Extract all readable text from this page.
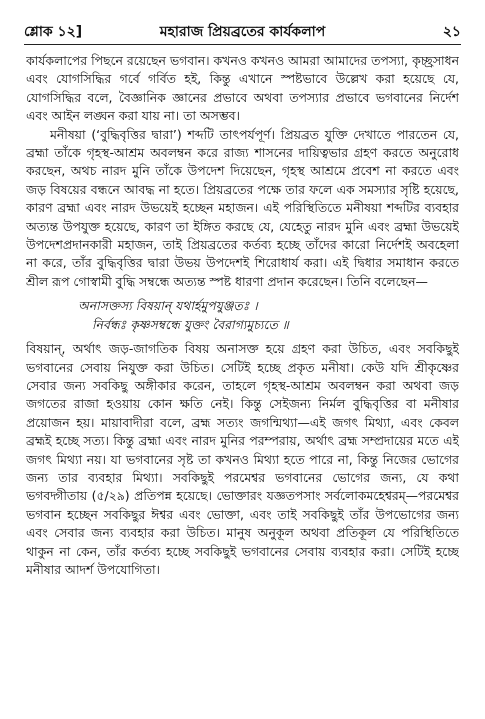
শ্লোক ১২]	মহারাজ প্রিয়ব্রতের কার্যকলাপ	২১

কার্যকলাপের পিছনে রয়েছেন ভগবান। কখনও কখনও আমরা আমাদের তপস্যা, কৃচ্ছ্রসাধন এবং যোগসিদ্ধির গর্বে গর্বিত হই, কিন্তু এখানে স্পষ্টভাবে উল্লেখ করা হয়েছে যে, যোগসিদ্ধির বলে, বৈজ্ঞানিক জ্ঞানের প্রভাবে অথবা তপস্যার প্রভাবে ভগবানের নির্দেশ এবং আইন লঙ্ঘন করা যায় না। তা অসম্ভব।

মনীষয়া (‘বুদ্ধিবৃত্তির দ্বারা’) শব্দটি তাৎপর্যপূর্ণ। প্রিয়ব্রত যুক্তি দেখাতে পারতেন যে, ব্রহ্মা তাঁকে গৃহস্থ-আশ্রম অবলম্বন করে রাজ্য শাসনের দায়িত্বভার গ্রহণ করতে অনুরোধ করছেন, অথচ নারদ মুনি তাঁকে উপদেশ দিয়েছেন, গৃহস্থ আশ্রমে প্রবেশ না করতে এবং জড় বিষয়ের বন্ধনে আবদ্ধ না হতে। প্রিয়ব্রতের পক্ষে তার ফলে এক সমস্যার সৃষ্টি হয়েছে, কারণ ব্রহ্মা এবং নারদ উভয়েই হচ্ছেন মহাজন। এই পরিস্থিতিতে মনীষয়া শব্দটির ব্যবহার অত্যন্ত উপযুক্ত হয়েছে, কারণ তা ইঙ্গিত করছে যে, যেহেতু নারদ মুনি এবং ব্রহ্মা উভয়েই উপদেশপ্রদানকারী মহাজন, তাই প্রিয়ব্রতের কর্তব্য হচ্ছে তাঁদের কারো নির্দেশই অবহেলা না করে, তাঁর বুদ্ধিবৃত্তির দ্বারা উভয় উপদেশই শিরোধার্য করা। এই দ্বিধার সমাধান করতে শ্রীল রূপ গোস্বামী বুদ্ধি সম্বন্ধে অত্যন্ত স্পষ্ট ধারণা প্রদান করেছেন। তিনি বলেছেন—

অনাসক্তস্য বিষয়ান্ যথার্হমুপযুঞ্জতঃ ।
নির্বন্ধঃ কৃষ্ণসম্বন্ধে যুক্তং বৈরাগ্যমুচ্যতে ॥

বিষয়ান্, অর্থাৎ জড়-জাগতিক বিষয় অনাসক্ত হয়ে গ্রহণ করা উচিত, এবং সবকিছুই ভগবানের সেবায় নিযুক্ত করা উচিত। সেটিই হচ্ছে প্রকৃত মনীষা। কেউ যদি শ্রীকৃষ্ণের সেবার জন্য সবকিছু অঙ্গীকার করেন, তাহলে গৃহস্থ-আশ্রম অবলম্বন করা অথবা জড় জগতের রাজা হওয়ায় কোন ক্ষতি নেই। কিন্তু সেইজন্য নির্মল বুদ্ধিবৃত্তির বা মনীষার প্রয়োজন হয়। মায়াবাদীরা বলে, ব্রহ্ম সত্যং জগন্মিথ্যা—এই জগৎ মিথ্যা, এবং কেবল ব্রহ্মই হচ্ছে সত্য। কিন্তু ব্রহ্মা এবং নারদ মুনির পরম্পরায়, অর্থাৎ ব্রহ্ম সম্প্রদায়ের মতে এই জগৎ মিথ্যা নয়। যা ভগবানের সৃষ্ট তা কখনও মিথ্যা হতে পারে না, কিন্তু নিজের ভোগের জন্য তার ব্যবহার মিথ্যা। সবকিছুই পরমেশ্বর ভগবানের ভোগের জন্য, যে কথা ভগবদ্গীতায় (৫/২৯) প্রতিপন্ন হয়েছে। ভোক্তারং যজ্ঞতপসাং সর্বলোকমহেশ্বরম্—পরমেশ্বর ভগবান হচ্ছেন সবকিছুর ঈশ্বর এবং ভোক্তা, এবং তাই সবকিছুই তাঁর উপভোগের জন্য এবং সেবার জন্য ব্যবহার করা উচিত। মানুষ অনুকূল অথবা প্রতিকূল যে পরিস্থিতিতে থাকুন না কেন, তাঁর কর্তব্য হচ্ছে সবকিছুই ভগবানের সেবায় ব্যবহার করা। সেটিই হচ্ছে মনীষার আদর্শ উপযোগিতা।
